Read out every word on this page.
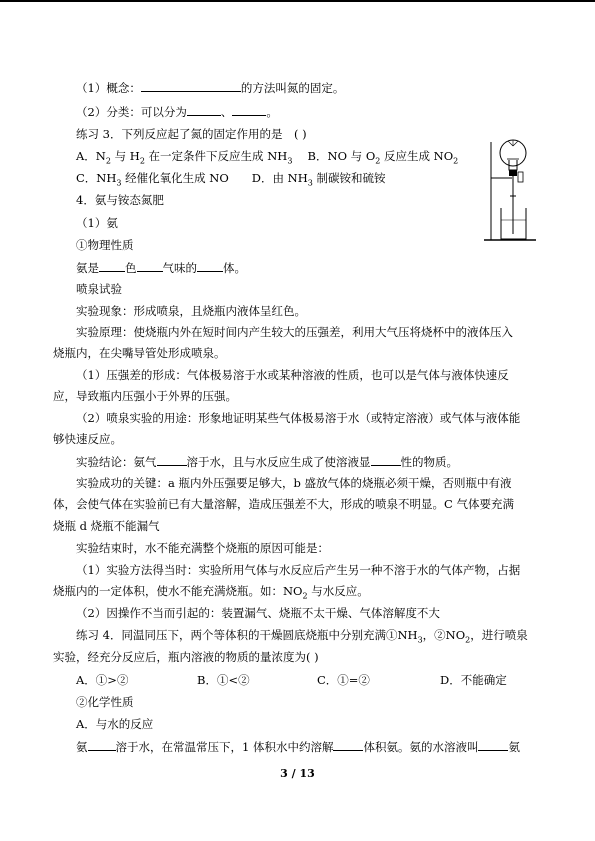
（1）概念：	的方法叫氮的固定。
（2）分类：可以分为	、	。
练习 3．下列反应起了氮的固定作用的是　( )
A．$N_2$ 与 $H_2$ 在一定条件下反应生成 $NH_3$　 B．NO 与 $O_2$ 反应生成 $NO_2$
C．$NH_3$ 经催化氧化生成 NO　　D．由 $NH_3$ 制碳铵和硫铵
4．氨与铵态氮肥
（1）氨
①物理性质
氨是 色 气味的 体。
喷泉试验
实验现象：形成喷泉，且烧瓶内液体呈红色。
实验原理：使烧瓶内外在短时间内产生较大的压强差，利用大气压将烧杯中的液体压入
烧瓶内，在尖嘴导管处形成喷泉。
（1）压强差的形成：气体极易溶于水或某种溶液的性质，也可以是气体与液体快速反
应，导致瓶内压强小于外界的压强。
（2）喷泉实验的用途：形象地证明某些气体极易溶于水（或特定溶液）或气体与液体能
够快速反应。
实验结论：氨气	溶于水，且与水反应生成了使溶液显	性的物质。
实验成功的关键：a 瓶内外压强要足够大，b 盛放气体的烧瓶必须干燥，否则瓶中有液
体，会使气体在实验前已有大量溶解，造成压强差不大，形成的喷泉不明显。C 气体要充满
烧瓶 d 烧瓶不能漏气
实验结束时，水不能充满整个烧瓶的原因可能是：
（1）实验方法得当时：实验所用气体与水反应后产生另一种不溶于水的气体产物，占据
烧瓶内的一定体积，使水不能充满烧瓶。如：$NO_2$ 与水反应。
（2）因操作不当而引起的：装置漏气、烧瓶不太干燥、气体溶解度不大
练习 4．同温同压下，两个等体积的干燥圆底烧瓶中分别充满$①NH_3$，$②NO_2$，进行喷泉
实验，经充分反应后，瓶内溶液的物质的量浓度为( )
A．①>②	B．①<②	C．①=②	D．不能确定
②化学性质
A．与水的反应
氨 溶于水，在常温常压下，1 体积水中约溶解	体积氨。氨的水溶液叫	氨
3 / 13
